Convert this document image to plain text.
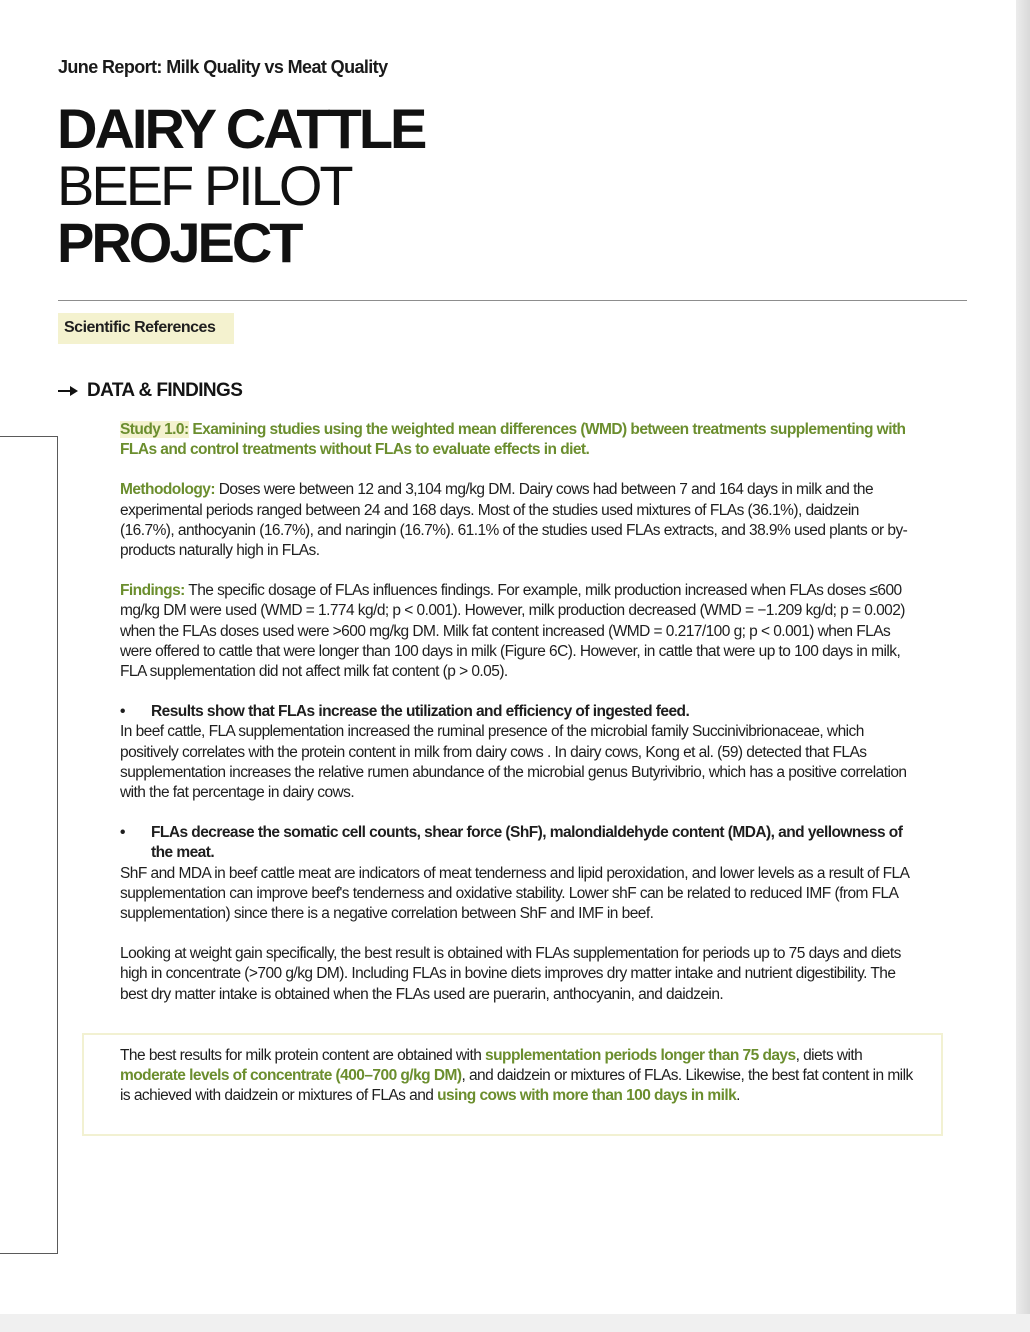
June Report: Milk Quality vs Meat Quality
DAIRY CATTLE
BEEF PILOT
PROJECT
Scientific References
DATA & FINDINGS

Study 1.0: Examining studies using the weighted mean differences (WMD) between treatments supplementing with FLAs and control treatments without FLAs to evaluate effects in diet.

Methodology: Doses were between 12 and 3,104 mg/kg DM. Dairy cows had between 7 and 164 days in milk and the experimental periods ranged between 24 and 168 days. Most of the studies used mixtures of FLAs (36.1%), daidzein (16.7%), anthocyanin (16.7%), and naringin (16.7%). 61.1% of the studies used FLAs extracts, and 38.9% used plants or by-products naturally high in FLAs.

Findings: The specific dosage of FLAs influences findings. For example, milk production increased when FLAs doses ≤600 mg/kg DM were used (WMD = 1.774 kg/d; p < 0.001). However, milk production decreased (WMD = −1.209 kg/d; p = 0.002) when the FLAs doses used were >600 mg/kg DM. Milk fat content increased (WMD = 0.217/100 g; p < 0.001) when FLAs were offered to cattle that were longer than 100 days in milk (Figure 6C). However, in cattle that were up to 100 days in milk, FLA supplementation did not affect milk fat content (p > 0.05).

•	Results show that FLAs increase the utilization and efficiency of ingested feed.
In beef cattle, FLA supplementation increased the ruminal presence of the microbial family Succinivibrionaceae, which positively correlates with the protein content in milk from dairy cows . In dairy cows, Kong et al. (59) detected that FLAs supplementation increases the relative rumen abundance of the microbial genus Butyrivibrio, which has a positive correlation with the fat percentage in dairy cows.
•	FLAs decrease the somatic cell counts, shear force (ShF), malondialdehyde content (MDA), and yellowness of the meat.
ShF and MDA in beef cattle meat are indicators of meat tenderness and lipid peroxidation, and lower levels as a result of FLA supplementation can improve beef's tenderness and oxidative stability. Lower shF can be related to reduced IMF (from FLA supplementation) since there is a negative correlation between ShF and IMF in beef.

Looking at weight gain specifically, the best result is obtained with FLAs supplementation for periods up to 75 days and diets high in concentrate (>700 g/kg DM). Including FLAs in bovine diets improves dry matter intake and nutrient digestibility. The best dry matter intake is obtained when the FLAs used are puerarin, anthocyanin, and daidzein.

The best results for milk protein content are obtained with supplementation periods longer than 75 days, diets with moderate levels of concentrate (400–700 g/kg DM), and daidzein or mixtures of FLAs. Likewise, the best fat content in milk is achieved with daidzein or mixtures of FLAs and using cows with more than 100 days in milk.
